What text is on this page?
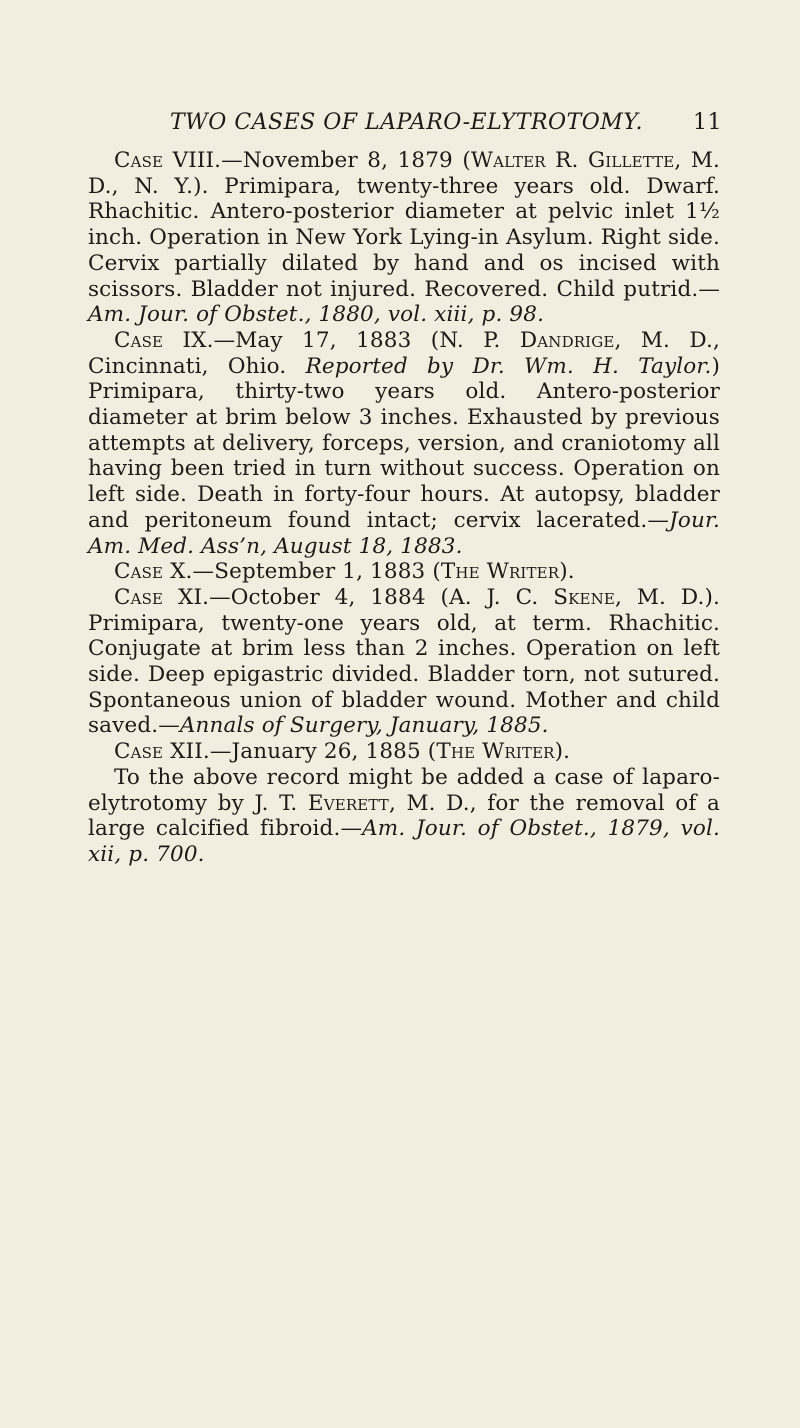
TWO CASES OF LAPARO-ELYTROTOMY. 11

Case VIII.—November 8, 1879 (Walter R. Gillette, M. D., N. Y.). Primipara, twenty-three years old. Dwarf. Rhachitic. Antero-posterior diameter at pelvic inlet 1½ inch. Operation in New York Lying-in Asylum. Right side. Cervix partially dilated by hand and os incised with scissors. Bladder not injured. Recovered. Child putrid.—Am. Jour. of Obstet., 1880, vol. xiii, p. 98.

Case IX.—May 17, 1883 (N. P. Dandrige, M. D., Cincinnati, Ohio. Reported by Dr. Wm. H. Taylor.) Primipara, thirty-two years old. Antero-posterior diameter at brim below 3 inches. Exhausted by previous attempts at delivery, forceps, version, and craniotomy all having been tried in turn without success. Operation on left side. Death in forty-four hours. At autopsy, bladder and peritoneum found intact; cervix lacerated.—Jour. Am. Med. Ass’n, August 18, 1883.

Case X.—September 1, 1883 (The Writer).

Case XI.—October 4, 1884 (A. J. C. Skene, M. D.). Primipara, twenty-one years old, at term. Rhachitic. Conjugate at brim less than 2 inches. Operation on left side. Deep epigastric divided. Bladder torn, not sutured. Spontaneous union of bladder wound. Mother and child saved.—Annals of Surgery, January, 1885.

Case XII.—January 26, 1885 (The Writer).

To the above record might be added a case of laparo-elytrotomy by J. T. Everett, M. D., for the removal of a large calcified fibroid.—Am. Jour. of Obstet., 1879, vol. xii, p. 700.
